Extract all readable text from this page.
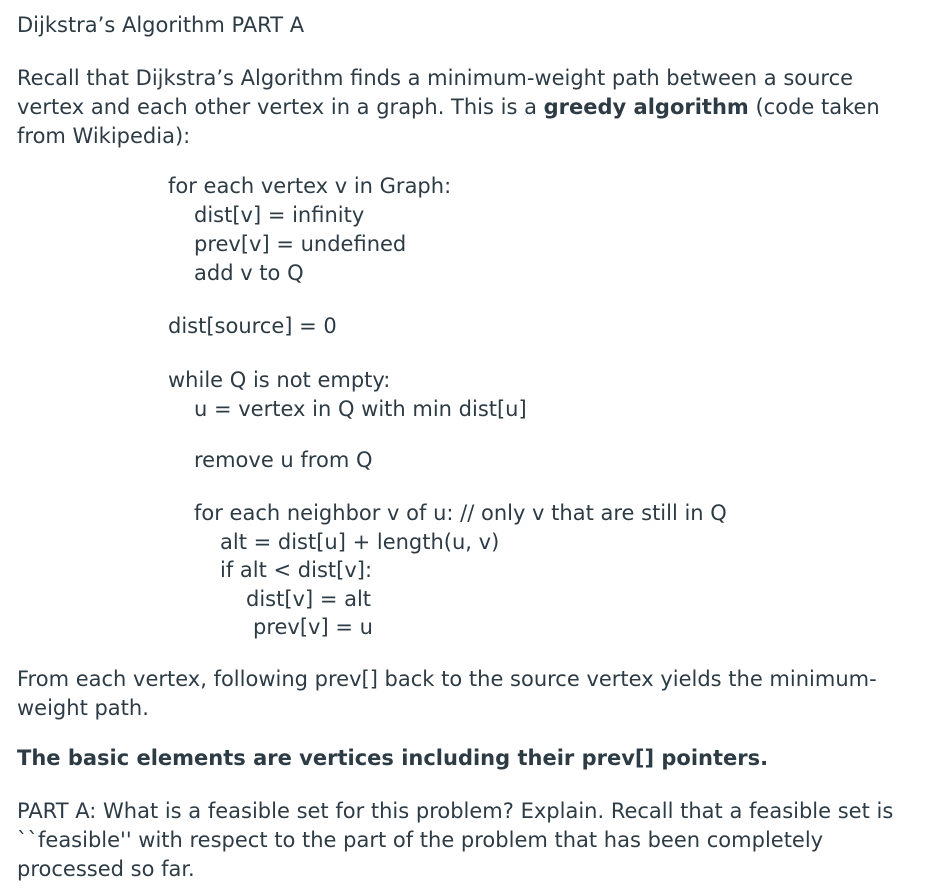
Dijkstra’s Algorithm PART A

Recall that Dijkstra’s Algorithm finds a minimum-weight path between a source vertex and each other vertex in a graph. This is a greedy algorithm (code taken from Wikipedia):

for each vertex v in Graph:
dist[v] = infinity
prev[v] = undefined
add v to Q
dist[source] = 0
while Q is not empty:
u = vertex in Q with min dist[u]
remove u from Q
for each neighbor v of u: // only v that are still in Q
alt = dist[u] + length(u, v)
if alt < dist[v]:
dist[v] = alt
prev[v] = u

From each vertex, following prev[] back to the source vertex yields the minimum-weight path.

The basic elements are vertices including their prev[] pointers.

PART A: What is a feasible set for this problem? Explain. Recall that a feasible set is ``feasible'' with respect to the part of the problem that has been completely processed so far.
